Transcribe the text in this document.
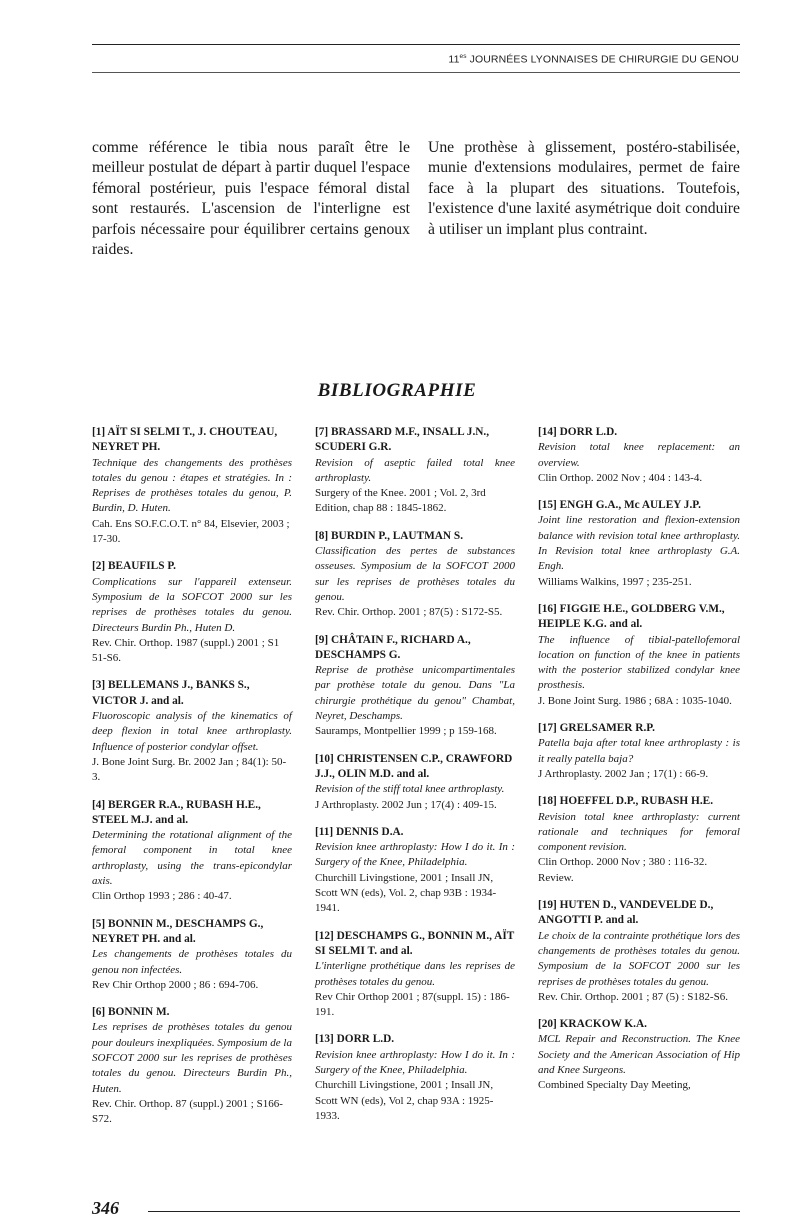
$11^{es}$ JOURNÉES LYONNAISES DE CHIRURGIE DU GENOU

comme référence le tibia nous paraît être le meilleur postulat de départ à partir duquel l'espace fémoral postérieur, puis l'espace fémoral distal sont restaurés. L'ascension de l'interligne est parfois nécessaire pour équilibrer certains genoux raides.

Une prothèse à glissement, postéro-stabilisée, munie d'extensions modulaires, permet de faire face à la plupart des situations. Toutefois, l'existence d'une laxité asymétrique doit conduire à utiliser un implant plus contraint.

BIBLIOGRAPHIE
[1] AÏT SI SELMI T., J. CHOUTEAU, NEYRET PH.
Technique des changements des prothèses totales du genou : étapes et stratégies. In : Reprises de prothèses totales du genou, P. Burdin, D. Huten.
Cah. Ens SO.F.C.O.T. n° 84, Elsevier, 2003 ; 17-30.
[2] BEAUFILS P.
Complications sur l'appareil extenseur. Symposium de la SOFCOT 2000 sur les reprises de prothèses totales du genou. Directeurs Burdin Ph., Huten D.
Rev. Chir. Orthop. 1987 (suppl.) 2001 ; S1 51-S6.
[3] BELLEMANS J., BANKS S., VICTOR J. and al.
Fluoroscopic analysis of the kinematics of deep flexion in total knee arthroplasty. Influence of posterior condylar offset.
J. Bone Joint Surg. Br. 2002 Jan ; 84(1): 50-3.
[4] BERGER R.A., RUBASH H.E., STEEL M.J. and al.
Determining the rotational alignment of the femoral component in total knee arthroplasty, using the trans-epicondylar axis.
Clin Orthop 1993 ; 286 : 40-47.
[5] BONNIN M., DESCHAMPS G., NEYRET PH. and al.
Les changements de prothèses totales du genou non infectées.
Rev Chir Orthop 2000 ; 86 : 694-706.
[6] BONNIN M.
Les reprises de prothèses totales du genou pour douleurs inexpliquées. Symposium de la SOFCOT 2000 sur les reprises de prothèses totales du genou. Directeurs Burdin Ph., Huten.
Rev. Chir. Orthop. 87 (suppl.) 2001 ; S166-S72.
[7] BRASSARD M.F., INSALL J.N., SCUDERI G.R.
Revision of aseptic failed total knee arthroplasty.
Surgery of the Knee. 2001 ; Vol. 2, 3rd Edition, chap 88 : 1845-1862.
[8] BURDIN P., LAUTMAN S.
Classification des pertes de substances osseuses. Symposium de la SOFCOT 2000 sur les reprises de prothèses totales du genou.
Rev. Chir. Orthop. 2001 ; 87(5) : S172-S5.
[9] CHÂTAIN F., RICHARD A., DESCHAMPS G.
Reprise de prothèse unicompartimentales par prothèse totale du genou. Dans "La chirurgie prothétique du genou" Chambat, Neyret, Deschamps.
Sauramps, Montpellier 1999 ; p 159-168.
[10] CHRISTENSEN C.P., CRAWFORD J.J., OLIN M.D. and al.
Revision of the stiff total knee arthroplasty.
J Arthroplasty. 2002 Jun ; 17(4) : 409-15.
[11] DENNIS D.A.
Revision knee arthroplasty: How I do it. In : Surgery of the Knee, Philadelphia.
Churchill Livingstione, 2001 ; Insall JN, Scott WN (eds), Vol. 2, chap 93B : 1934-1941.
[12] DESCHAMPS G., BONNIN M., AÏT SI SELMI T. and al.
L'interligne prothétique dans les reprises de prothèses totales du genou.
Rev Chir Orthop 2001 ; 87(suppl. 15) : 186-191.
[13] DORR L.D.
Revision knee arthroplasty: How I do it. In : Surgery of the Knee, Philadelphia.
Churchill Livingstione, 2001 ; Insall JN, Scott WN (eds), Vol 2, chap 93A : 1925-1933.
[14] DORR L.D.
Revision total knee replacement: an overview.
Clin Orthop. 2002 Nov ; 404 : 143-4.
[15] ENGH G.A., Mc AULEY J.P.
Joint line restoration and flexion-extension balance with revision total knee arthroplasty. In Revision total knee arthroplasty G.A. Engh.
Williams Walkins, 1997 ; 235-251.
[16] FIGGIE H.E., GOLDBERG V.M., HEIPLE K.G. and al.
The influence of tibial-patellofemoral location on function of the knee in patients with the posterior stabilized condylar knee prosthesis.
J. Bone Joint Surg. 1986 ; 68A : 1035-1040.
[17] GRELSAMER R.P.
Patella baja after total knee arthroplasty : is it really patella baja?
J Arthroplasty. 2002 Jan ; 17(1) : 66-9.
[18] HOEFFEL D.P., RUBASH H.E.
Revision total knee arthroplasty: current rationale and techniques for femoral component revision.
Clin Orthop. 2000 Nov ; 380 : 116-32. Review.
[19] HUTEN D., VANDEVELDE D., ANGOTTI P. and al.
Le choix de la contrainte prothétique lors des changements de prothèses totales du genou. Symposium de la SOFCOT 2000 sur les reprises de prothèses totales du genou.
Rev. Chir. Orthop. 2001 ; 87 (5) : S182-S6.
[20] KRACKOW K.A.
MCL Repair and Reconstruction. The Knee Society and the American Association of Hip and Knee Surgeons.
Combined Specialty Day Meeting,
346
